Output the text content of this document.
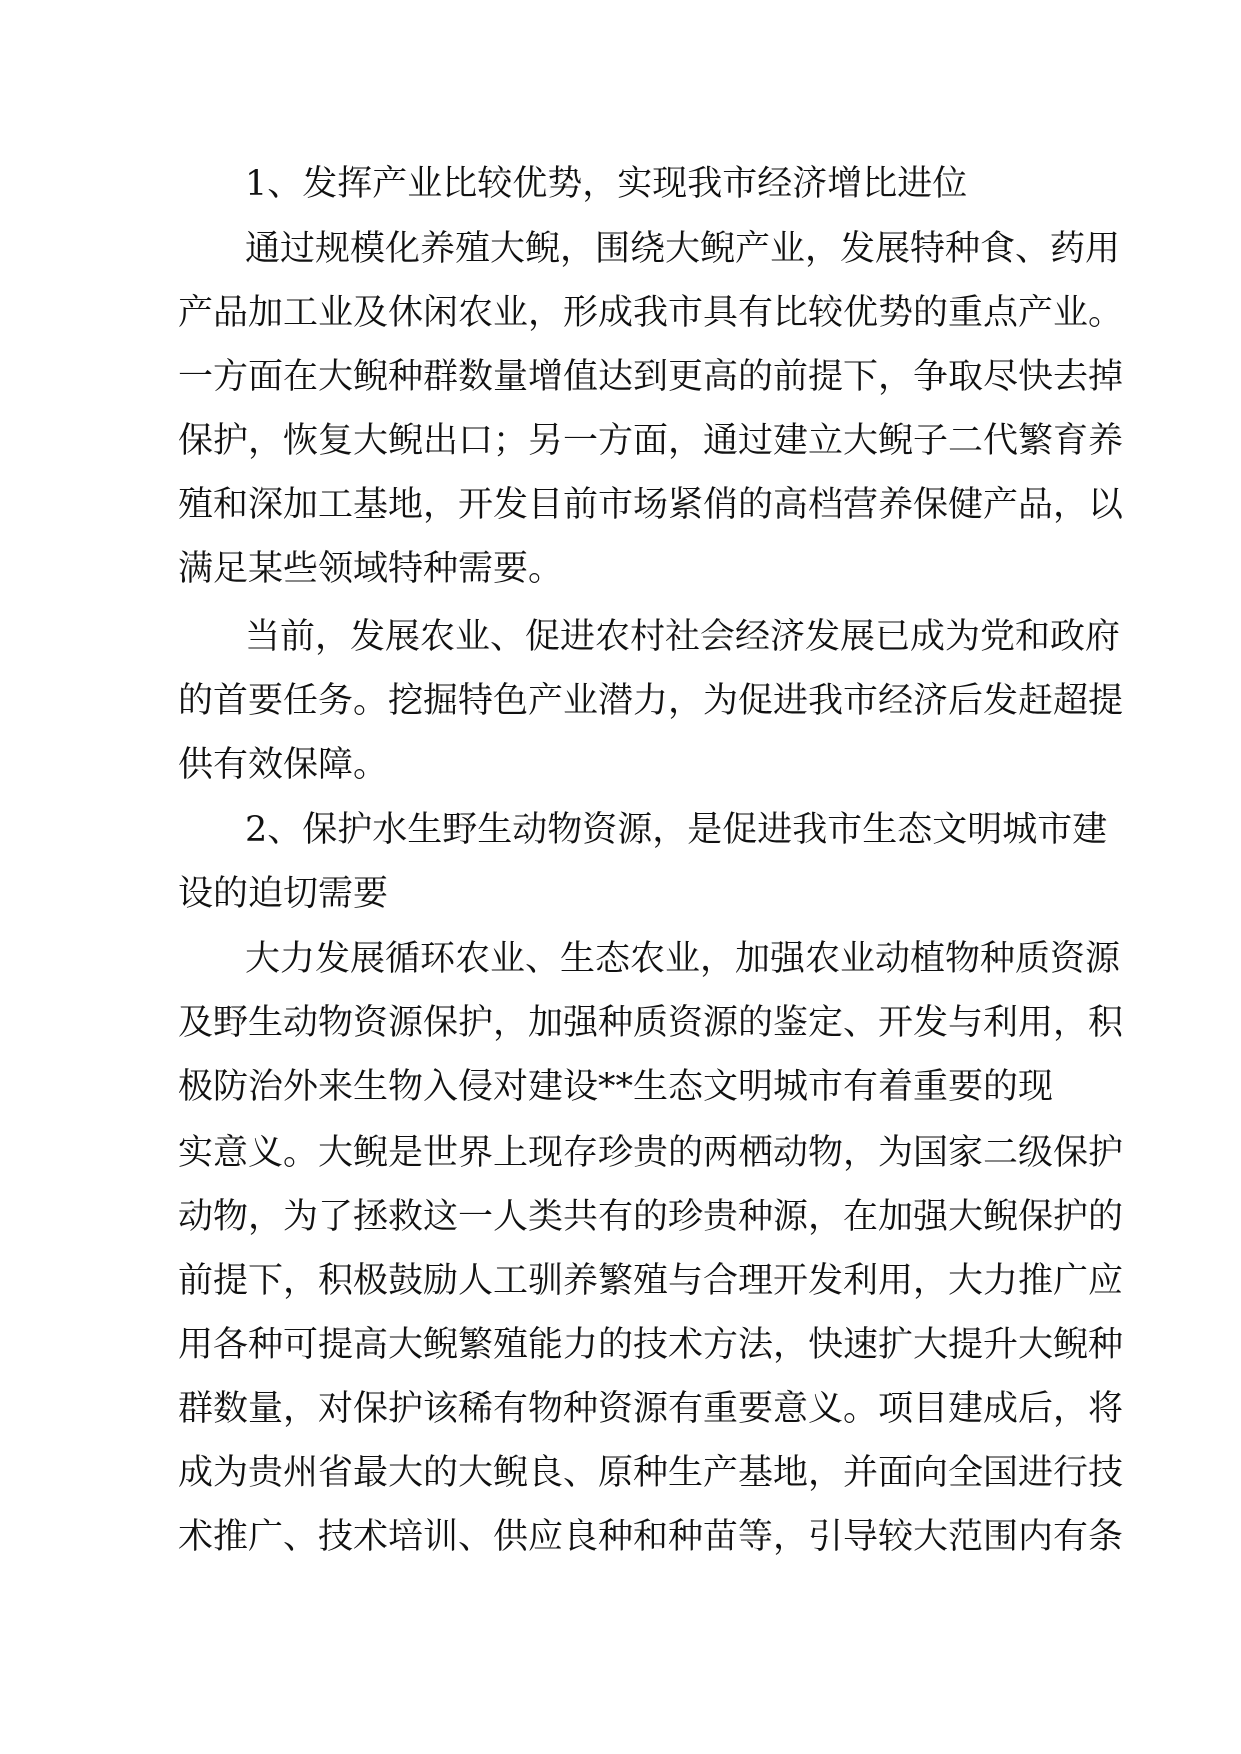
1、发挥产业比较优势，实现我市经济增比进位
通过规模化养殖大鲵，围绕大鲵产业，发展特种食、药用
产品加工业及休闲农业，形成我市具有比较优势的重点产业。
一方面在大鲵种群数量增值达到更高的前提下，争取尽快去掉
保护，恢复大鲵出口；另一方面，通过建立大鲵子二代繁育养
殖和深加工基地，开发目前市场紧俏的高档营养保健产品，以
满足某些领域特种需要。
当前，发展农业、促进农村社会经济发展已成为党和政府
的首要任务。挖掘特色产业潜力，为促进我市经济后发赶超提
供有效保障。
2、保护水生野生动物资源，是促进我市生态文明城市建
设的迫切需要
大力发展循环农业、生态农业，加强农业动植物种质资源
及野生动物资源保护，加强种质资源的鉴定、开发与利用，积
极防治外来生物入侵对建设**生态文明城市有着重要的现
实意义。大鲵是世界上现存珍贵的两栖动物，为国家二级保护
动物，为了拯救这一人类共有的珍贵种源，在加强大鲵保护的
前提下，积极鼓励人工驯养繁殖与合理开发利用，大力推广应
用各种可提高大鲵繁殖能力的技术方法，快速扩大提升大鲵种
群数量，对保护该稀有物种资源有重要意义。项目建成后，将
成为贵州省最大的大鲵良、原种生产基地，并面向全国进行技
术推广、技术培训、供应良种和种苗等，引导较大范围内有条
